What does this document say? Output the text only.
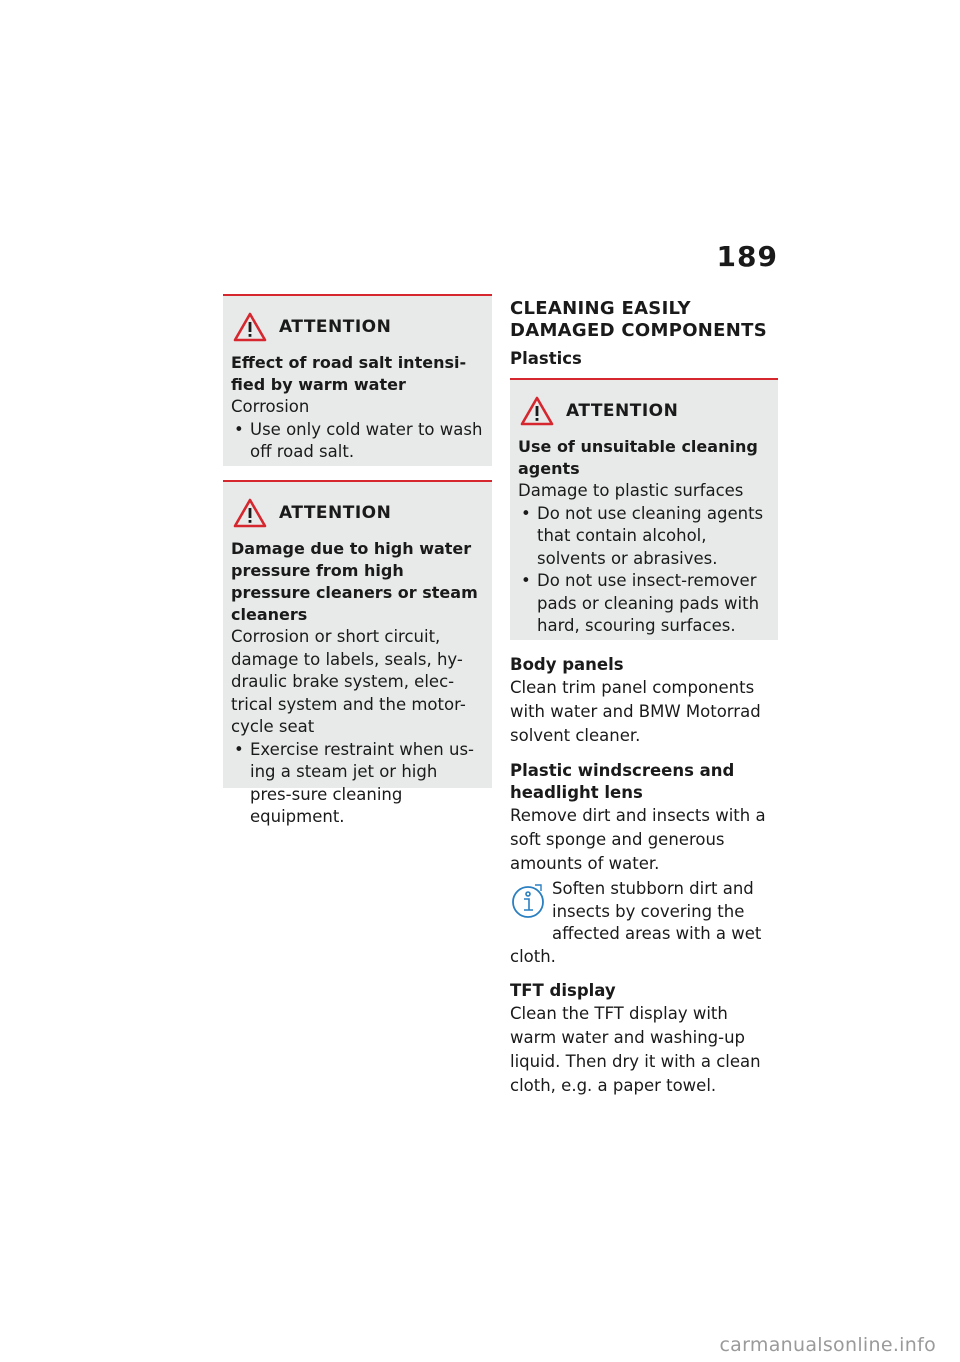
189
ATTENTION
Effect of road salt intensi-fied by warm water
Corrosion
• Use only cold water to wash off road salt.
ATTENTION
Damage due to high water pressure from high pressure cleaners or steam cleaners
Corrosion or short circuit, damage to labels, seals, hy-draulic brake system, elec-trical system and the motor-cycle seat
• Exercise restraint when us-ing a steam jet or high pres-sure cleaning equipment.
CLEANING EASILY DAMAGED COMPONENTS
Plastics
ATTENTION
Use of unsuitable cleaning agents
Damage to plastic surfaces
• Do not use cleaning agents that contain alcohol, solvents or abrasives.
• Do not use insect-remover pads or cleaning pads with hard, scouring surfaces.
Body panels
Clean trim panel components with water and BMW Motorrad solvent cleaner.
Plastic windscreens and headlight lens
Remove dirt and insects with a soft sponge and generous amounts of water.
Soften stubborn dirt and insects by covering the affected areas with a wet cloth.
TFT display
Clean the TFT display with warm water and washing-up liquid. Then dry it with a clean cloth, e.g. a paper towel.
carmanualsonline.info
